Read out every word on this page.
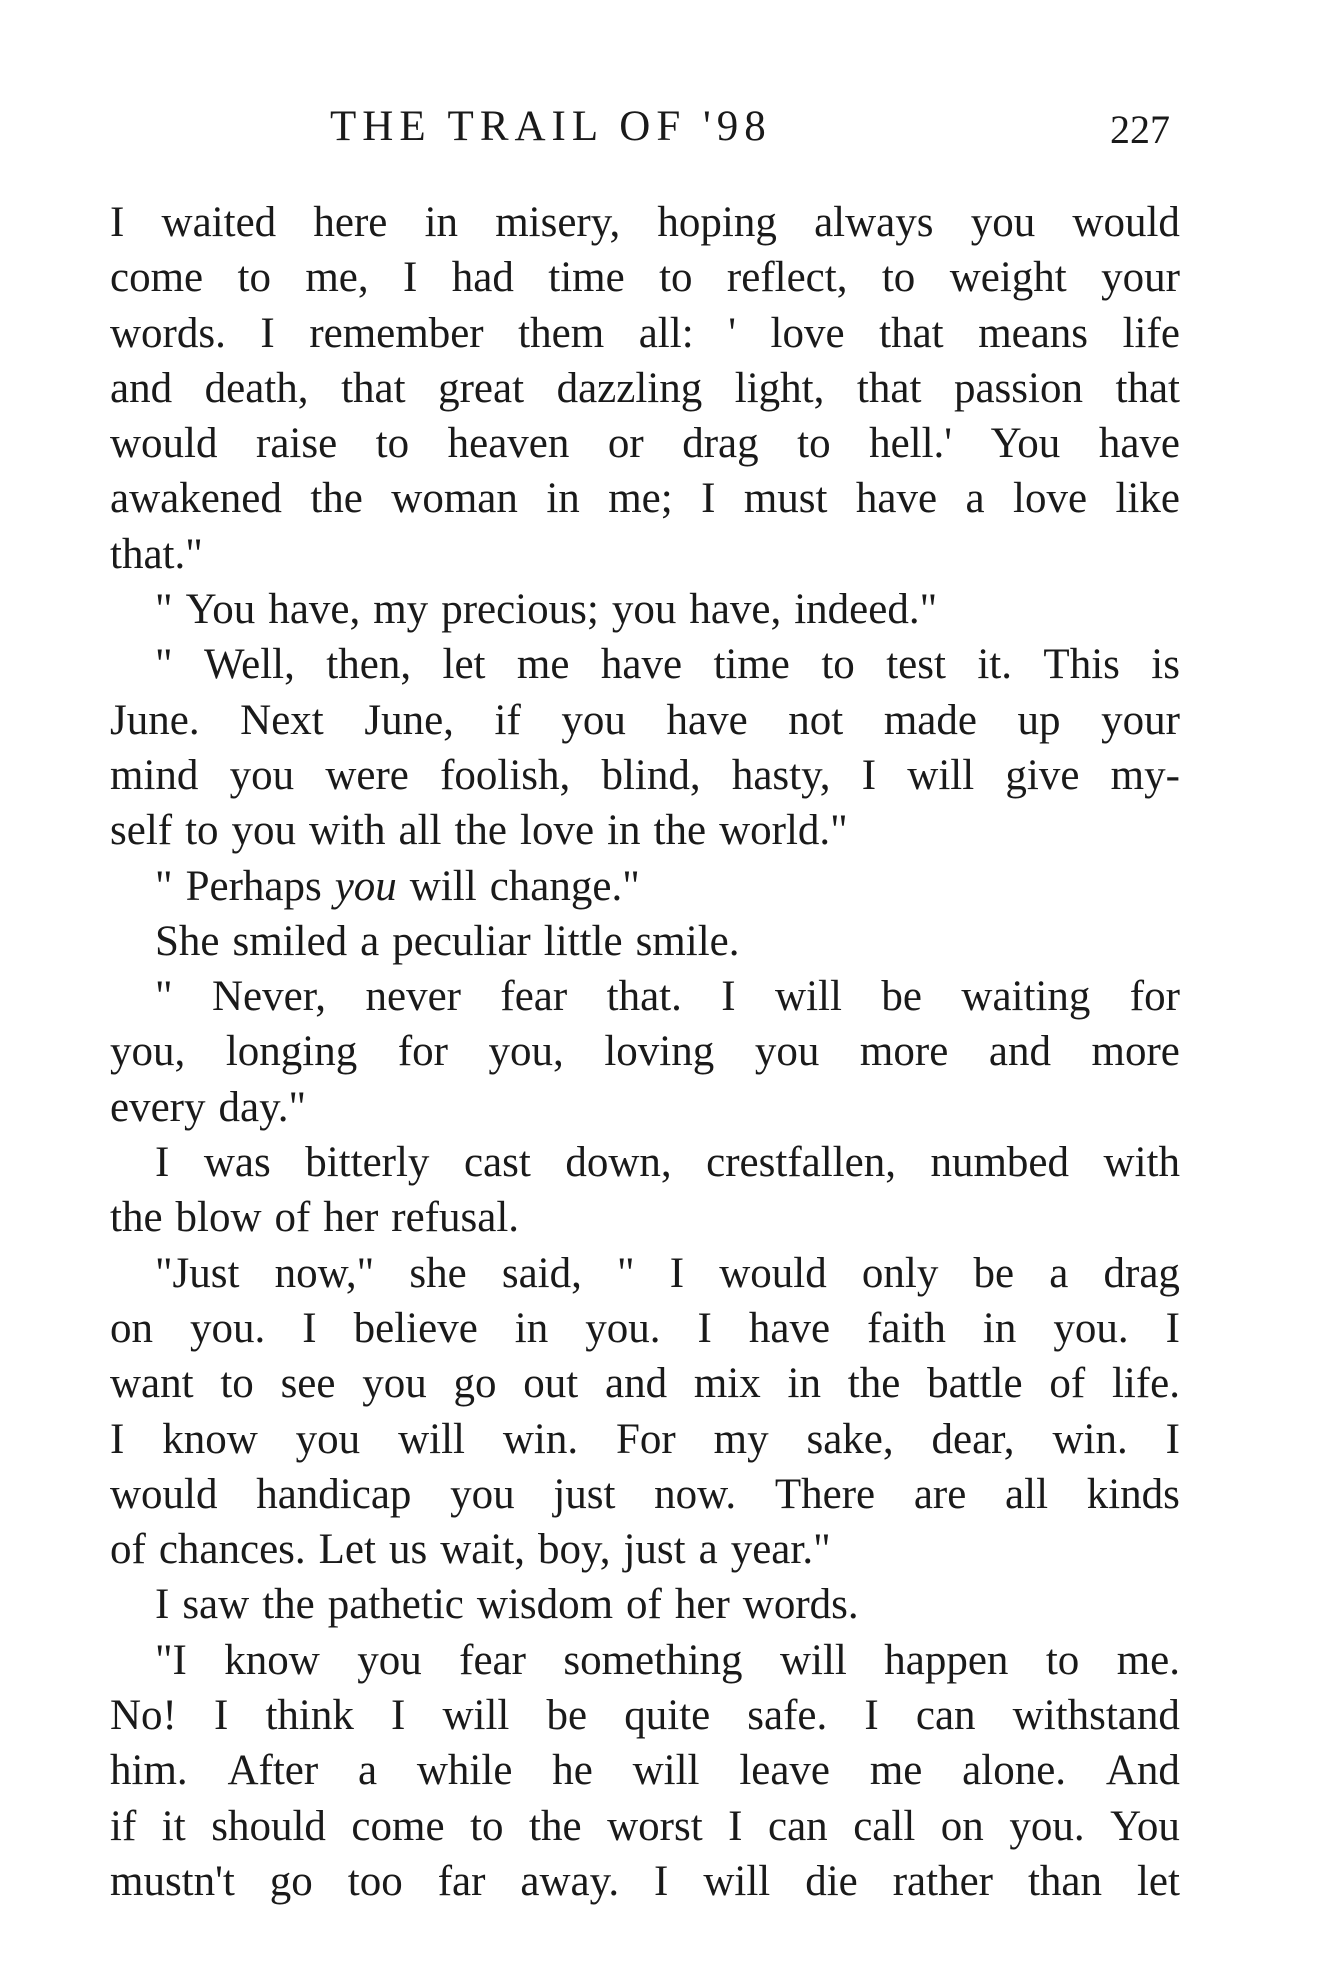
THE TRAIL OF '98	227
I waited here in misery, hoping always you would
come to me, I had time to reflect, to weight your
words. I remember them all: ' love that means life
and death, that great dazzling light, that passion that
would raise to heaven or drag to hell.' You have
awakened the woman in me; I must have a love like
that."
" You have, my precious; you have, indeed."
" Well, then, let me have time to test it. This is
June. Next June, if you have not made up your
mind you were foolish, blind, hasty, I will give my-
self to you with all the love in the world."
" Perhaps you will change."
She smiled a peculiar little smile.
" Never, never fear that. I will be waiting for
you, longing for you, loving you more and more
every day."
I was bitterly cast down, crestfallen, numbed with
the blow of her refusal.
"Just now," she said, " I would only be a drag
on you. I believe in you. I have faith in you. I
want to see you go out and mix in the battle of life.
I know you will win. For my sake, dear, win. I
would handicap you just now. There are all kinds
of chances. Let us wait, boy, just a year."
I saw the pathetic wisdom of her words.
"I know you fear something will happen to me.
No! I think I will be quite safe. I can withstand
him. After a while he will leave me alone. And
if it should come to the worst I can call on you. You
mustn't go too far away. I will die rather than let
